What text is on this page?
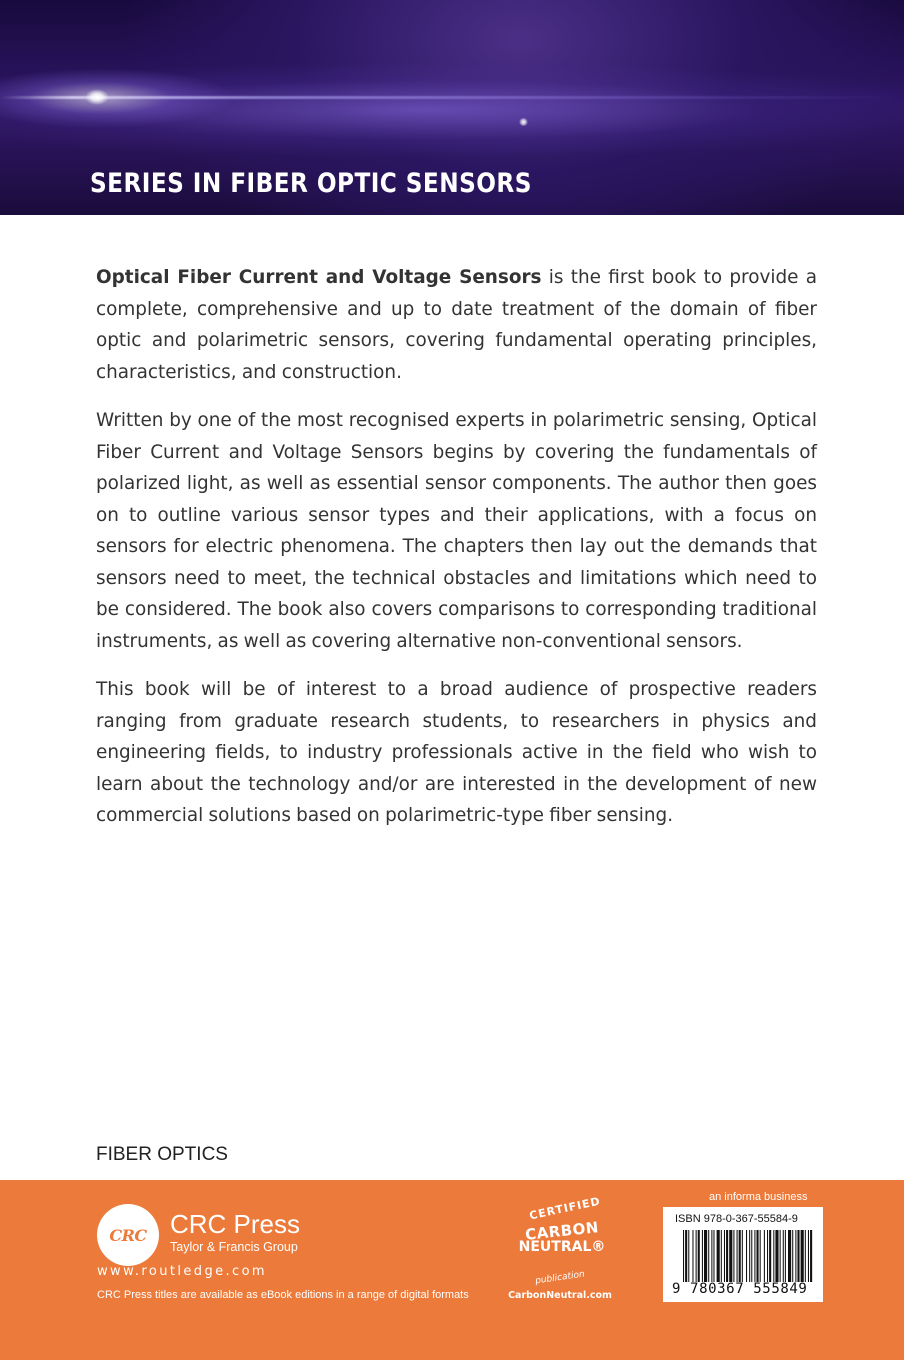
SERIES IN FIBER OPTIC SENSORS

Optical Fiber Current and Voltage Sensors is the first book to provide a complete, comprehensive and up to date treatment of the domain of fiber optic and polarimetric sensors, covering fundamental operating principles, characteristics, and construction.

Written by one of the most recognised experts in polarimetric sensing, Optical Fiber Current and Voltage Sensors begins by covering the fundamentals of polarized light, as well as essential sensor components. The author then goes on to outline various sensor types and their applications, with a focus on sensors for electric phenomena. The chapters then lay out the demands that sensors need to meet, the technical obstacles and limitations which need to be considered. The book also covers comparisons to corresponding traditional instruments, as well as covering alternative non-conventional sensors.

This book will be of interest to a broad audience of prospective readers ranging from graduate research students, to researchers in physics and engineering fields, to industry professionals active in the field who wish to learn about the technology and/or are interested in the development of new commercial solutions based on polarimetric-type fiber sensing.

FIBER OPTICS

CRC CRC Press

Taylor & Francis Group

www.routledge.com

CRC Press titles are available as eBook editions in a range of digital formats

CERTIFIED

CARBON

NEUTRAL®

publication

CarbonNeutral.com

an informa business

ISBN 978-0-367-55584-9

9 780367 555849
